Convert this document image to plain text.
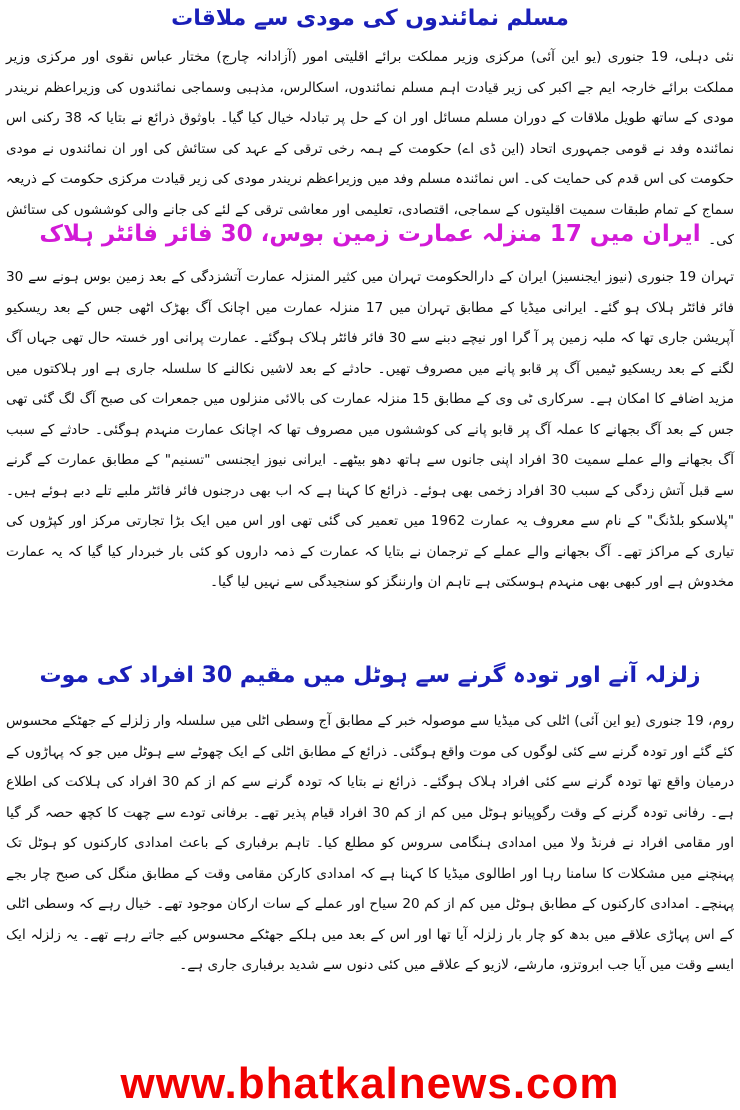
مسلم نمائندوں کی مودی سے ملاقات

نئی دہلی، 19 جنوری (یو این آئی) مرکزی وزیر مملکت برائے اقلیتی امور (آزادانہ چارج) مختار عباس نقوی اور مرکزی وزیر مملکت برائے خارجہ ایم جے اکبر کی زیر قیادت اہم مسلم نمائندوں، اسکالرس، مذہبی وسماجی نمائندوں کی وزیراعظم نریندر مودی کے ساتھ طویل ملاقات کے دوران مسلم مسائل اور ان کے حل پر تبادلہ خیال کیا گیا۔ باوثوق ذرائع نے بتایا کہ 38 رکنی اس نمائندہ وفد نے قومی جمہوری اتحاد (این ڈی اے) حکومت کے ہمہ رخی ترقی کے عہد کی ستائش کی اور ان نمائندوں نے مودی حکومت کی اس قدم کی حمایت کی۔ اس نمائندہ مسلم وفد میں وزیراعظم نریندر مودی کی زیر قیادت مرکزی حکومت کے ذریعہ سماج کے تمام طبقات سمیت اقلیتوں کے سماجی، اقتصادی، تعلیمی اور معاشی ترقی کے لئے کی جانے والی کوششوں کی ستائش کی۔

ایران میں 17 منزلہ عمارت زمین بوس، 30 فائر فائٹر ہلاک

تہران 19 جنوری (نیوز ایجنسیز) ایران کے دارالحکومت تہران میں کثیر المنزلہ عمارت آتشزدگی کے بعد زمین بوس ہونے سے 30 فائر فائٹر ہلاک ہو گئے۔ ایرانی میڈیا کے مطابق تہران میں 17 منزلہ عمارت میں اچانک آگ بھڑک اٹھی جس کے بعد ریسکیو آپریشن جاری تھا کہ ملبہ زمین پر آ گرا اور نیچے دبنے سے 30 فائر فائٹر ہلاک ہوگئے۔ عمارت پرانی اور خستہ حال تھی جہاں آگ لگنے کے بعد ریسکیو ٹیمیں آگ پر قابو پانے میں مصروف تھیں۔ حادثے کے بعد لاشیں نکالنے کا سلسلہ جاری ہے اور ہلاکتوں میں مزید اضافے کا امکان ہے۔ سرکاری ٹی وی کے مطابق 15 منزلہ عمارت کی بالائی منزلوں میں جمعرات کی صبح آگ لگ گئی تھی جس کے بعد آگ بجھانے کا عملہ آگ پر قابو پانے کی کوششوں میں مصروف تھا کہ اچانک عمارت منہدم ہوگئی۔ حادثے کے سبب آگ بجھانے والے عملے سمیت 30 افراد اپنی جانوں سے ہاتھ دھو بیٹھے۔ ایرانی نیوز ایجنسی "تسنیم" کے مطابق عمارت کے گرنے سے قبل آتش زدگی کے سبب 30 افراد زخمی بھی ہوئے۔ ذرائع کا کہنا ہے کہ اب بھی درجنوں فائر فائٹر ملبے تلے دبے ہوئے ہیں۔ "پلاسکو بلڈنگ" کے نام سے معروف یہ عمارت 1962 میں تعمیر کی گئی تھی اور اس میں ایک بڑا تجارتی مرکز اور کپڑوں کی تیاری کے مراکز تھے۔ آگ بجھانے والے عملے کے ترجمان نے بتایا کہ عمارت کے ذمہ داروں کو کئی بار خبردار کیا گیا کہ یہ عمارت مخدوش ہے اور کبھی بھی منہدم ہوسکتی ہے تاہم ان وارننگز کو سنجیدگی سے نہیں لیا گیا۔

زلزلہ آنے اور تودہ گرنے سے ہوٹل میں مقیم 30 افراد کی موت

روم، 19 جنوری (یو این آئی) اٹلی کی میڈیا سے موصولہ خبر کے مطابق آج وسطی اٹلی میں سلسلہ وار زلزلے کے جھٹکے محسوس کئے گئے اور تودہ گرنے سے کئی لوگوں کی موت واقع ہوگئی۔ ذرائع کے مطابق اٹلی کے ایک چھوٹے سے ہوٹل میں جو کہ پہاڑوں کے درمیان واقع تھا تودہ گرنے سے کئی افراد ہلاک ہوگئے۔ ذرائع نے بتایا کہ تودہ گرنے سے کم از کم 30 افراد کی ہلاکت کی اطلاع ہے۔ رفانی تودہ گرنے کے وقت رگوپیانو ہوٹل میں کم از کم 30 افراد قیام پذیر تھے۔ برفانی تودے سے چھت کا کچھ حصہ گر گیا اور مقامی افراد نے فرنڈ ولا میں امدادی ہنگامی سروس کو مطلع کیا۔ تاہم برفباری کے باعث امدادی کارکنوں کو ہوٹل تک پہنچنے میں مشکلات کا سامنا رہا اور اطالوی میڈیا کا کہنا ہے کہ امدادی کارکن مقامی وقت کے مطابق منگل کی صبح چار بجے پہنچے۔ امدادی کارکنوں کے مطابق ہوٹل میں کم از کم 20 سیاح اور عملے کے سات ارکان موجود تھے۔ خیال رہے کہ وسطی اٹلی کے اس پہاڑی علاقے میں بدھ کو چار بار زلزلہ آیا تھا اور اس کے بعد میں ہلکے جھٹکے محسوس کیے جاتے رہے تھے۔ یہ زلزلہ ایک ایسے وقت میں آیا جب ابروتزو، مارشے، لازیو کے علاقے میں کئی دنوں سے شدید برفباری جاری ہے۔

www.bhatkalnews.com
